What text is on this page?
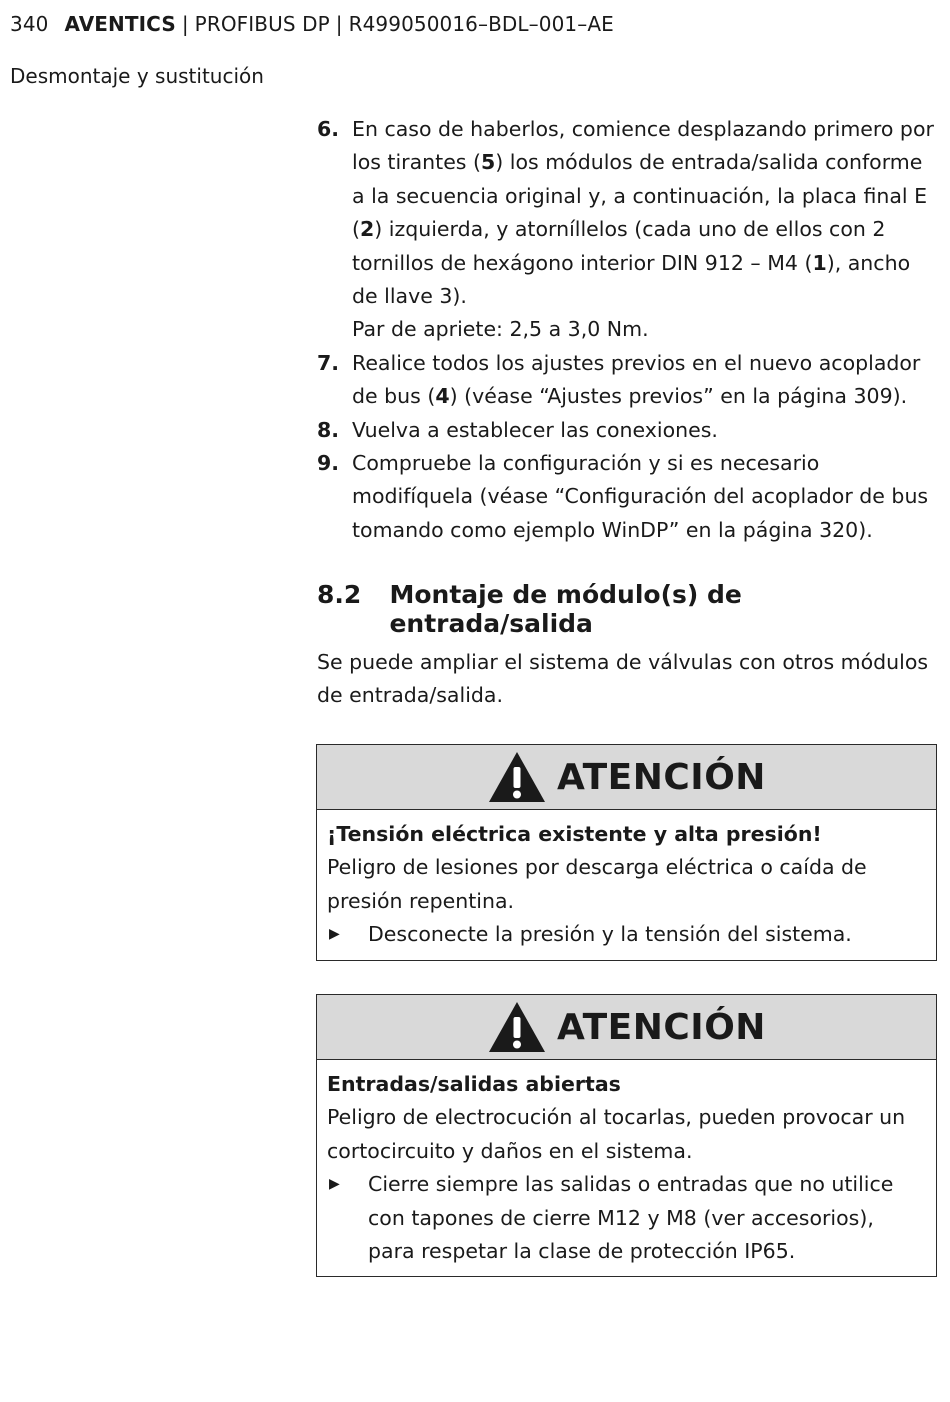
340 AVENTICS | PROFIBUS DP | R499050016–BDL–001–AE
Desmontaje y sustitución
6. En caso de haberlos, comience desplazando primero por los tirantes (5) los módulos de entrada/salida conforme a la secuencia original y, a continuación, la placa final E (2) izquierda, y atorníllelos (cada uno de ellos con 2 tornillos de hexágono interior DIN 912 – M4 (1), ancho de llave 3).
Par de apriete: 2,5 a 3,0 Nm.
7. Realice todos los ajustes previos en el nuevo acoplador de bus (4) (véase “Ajustes previos” en la página 309).
8. Vuelva a establecer las conexiones.
9. Compruebe la configuración y si es necesario modifíquela (véase “Configuración del acoplador de bus tomando como ejemplo WinDP” en la página 320).
8.2	Montaje de módulo(s) de entrada/salida
Se puede ampliar el sistema de válvulas con otros módulos de entrada/salida.
ATENCIÓN
¡Tensión eléctrica existente y alta presión!
Peligro de lesiones por descarga eléctrica o caída de presión repentina.
▶ Desconecte la presión y la tensión del sistema.
ATENCIÓN
Entradas/salidas abiertas
Peligro de electrocución al tocarlas, pueden provocar un cortocircuito y daños en el sistema.
▶ Cierre siempre las salidas o entradas que no utilice con tapones de cierre M12 y M8 (ver accesorios), para respetar la clase de protección IP65.
